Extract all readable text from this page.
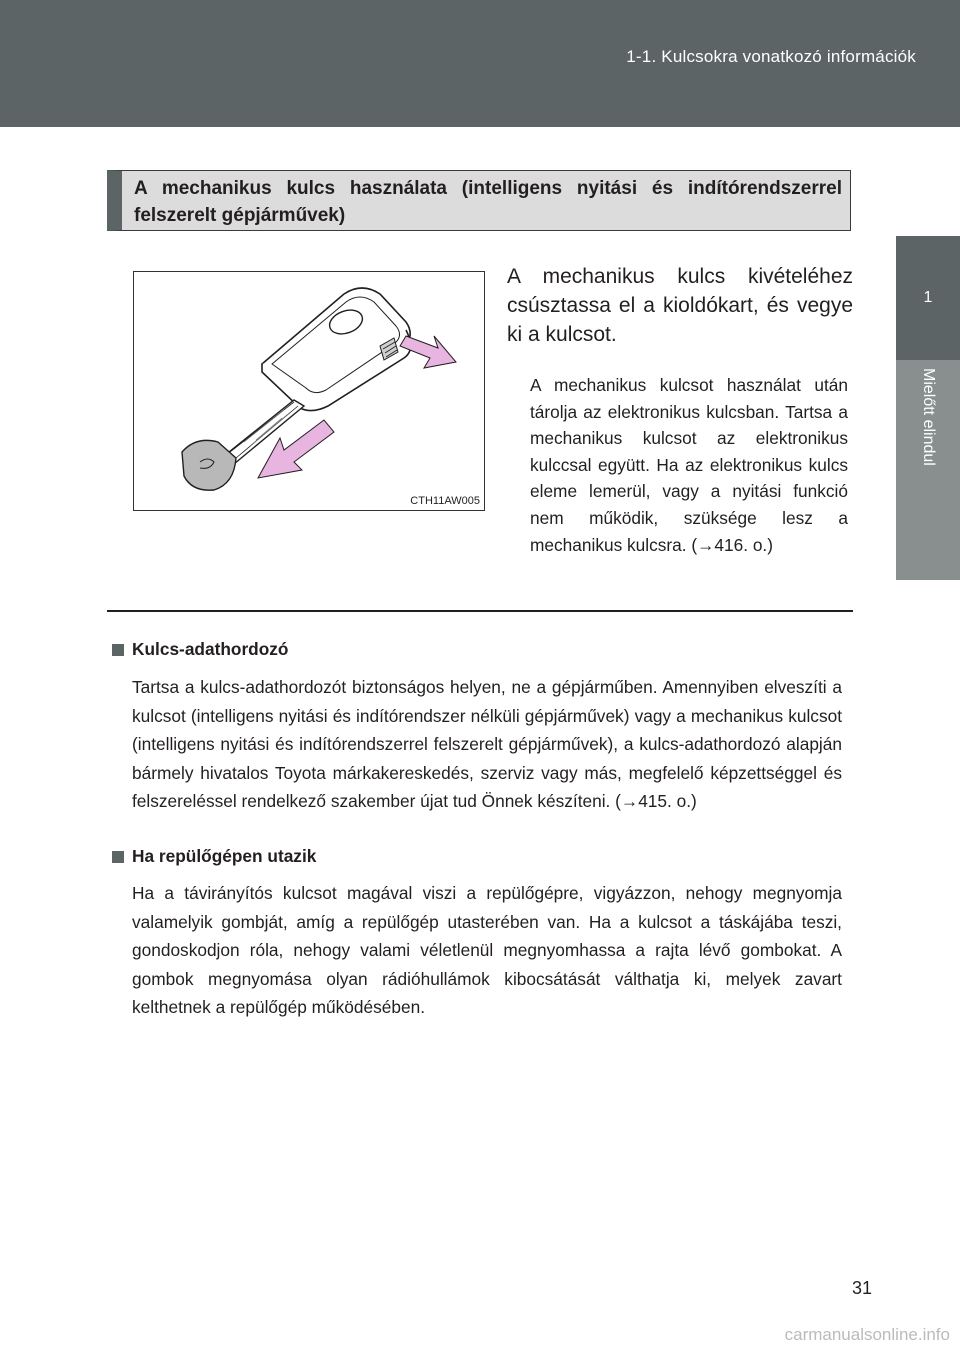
1-1. Kulcsokra vonatkozó információk
1
Mielőtt elindul
A mechanikus kulcs használata (intelligens nyitási és indítórendszerrel felszerelt gépjárművek)
CTH11AW005

A mechanikus kulcs kivételéhez csúsztassa el a kioldókart, és vegye ki a kulcsot.

A mechanikus kulcsot használat után tárolja az elektronikus kulcsban. Tartsa a mechanikus kulcsot az elektronikus kulccsal együtt. Ha az elektronikus kulcs eleme lemerül, vagy a nyitási funkció nem működik, szüksége lesz a mechanikus kulcsra. (→416. o.)

Kulcs-adathordozó

Tartsa a kulcs-adathordozót biztonságos helyen, ne a gépjárműben. Amennyiben elveszíti a kulcsot (intelligens nyitási és indítórendszer nélküli gépjárművek) vagy a mechanikus kulcsot (intelligens nyitási és indítórendszerrel felszerelt gépjárművek), a kulcs-adathordozó alapján bármely hivatalos Toyota márkakereskedés, szerviz vagy más, megfelelő képzettséggel és felszereléssel rendelkező szakember újat tud Önnek készíteni. (→415. o.)

Ha repülőgépen utazik

Ha a távirányítós kulcsot magával viszi a repülőgépre, vigyázzon, nehogy megnyomja valamelyik gombját, amíg a repülőgép utasterében van. Ha a kulcsot a táskájába teszi, gondoskodjon róla, nehogy valami véletlenül megnyomhassa a rajta lévő gombokat. A gombok megnyomása olyan rádióhullámok kibocsátását válthatja ki, melyek zavart kelthetnek a repülőgép működésében.

31
carmanualsonline.info
